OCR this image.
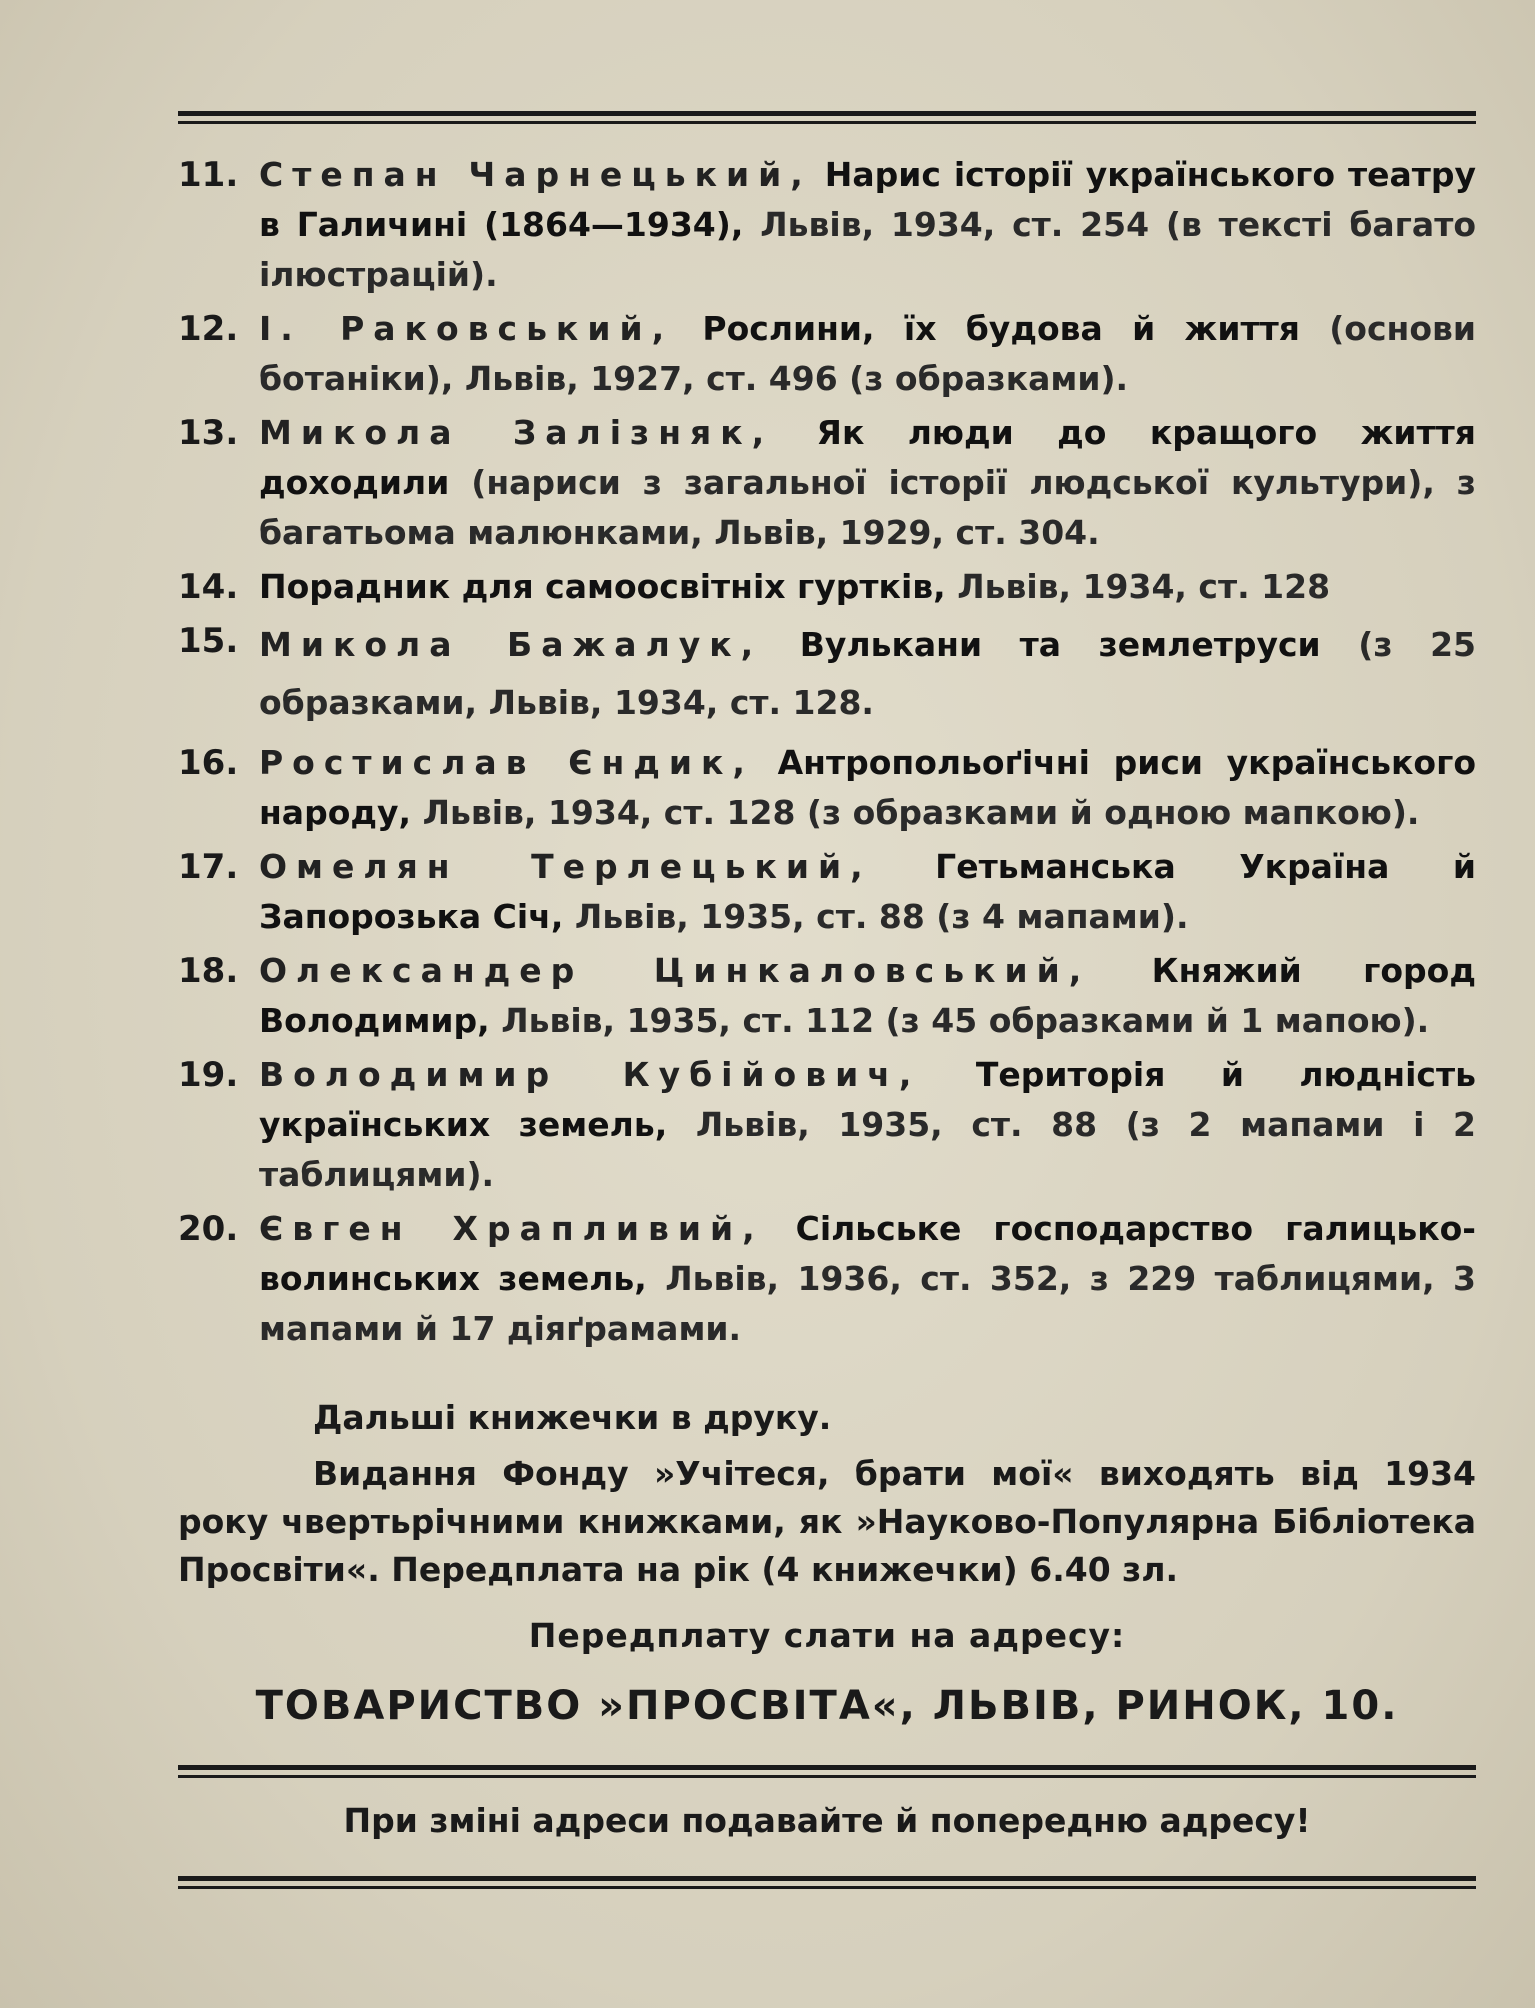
11. Степан Чарнецький, Нарис історії українського театру в Галичині (1864—1934), Львів, 1934, ст. 254 (в тексті багато ілюстрацій).
12. І. Раковський, Рослини, їх будова й життя (основи ботаніки), Львів, 1927, ст. 496 (з образками).
13. Микола Залізняк, Як люди до кращого життя доходили (нариси з загальної історії людської культури), з багатьома малюнками, Львів, 1929, ст. 304.
14. Порадник для самоосвітніх гуртків, Львів, 1934, ст. 128
15. Микола Бажалук, Вулькани та землетруси (з 25 образками, Львів, 1934, ст. 128.
16. Ростислав Єндик, Антропольоґічні риси українського народу, Львів, 1934, ст. 128 (з образками й одною мапкою).
17. Омелян Терлецький, Гетьманська Україна й Запорозька Січ, Львів, 1935, ст. 88 (з 4 мапами).
18. Олександер Цинкаловський, Княжий город Володимир, Львів, 1935, ст. 112 (з 45 образками й 1 мапою).
19. Володимир Кубійович, Територія й людність українських земель, Львів, 1935, ст. 88 (з 2 мапами і 2 таблицями).
20. Євген Храпливий, Сільське господарство галицько-волинських земель, Львів, 1936, ст. 352, з 229 таблицями, 3 мапами й 17 діяґрамами.
Дальші книжечки в друку.
Видання Фонду »Учітеся, брати мої« виходять від 1934 року чвертьрічними книжками, як »Науково-Популярна Бібліотека Просвіти«. Передплата на рік (4 книжечки) 6.40 зл.
Передплату слати на адресу:
ТОВАРИСТВО »ПРОСВІТА«, ЛЬВІВ, РИНОК, 10.
При зміні адреси подавайте й попередню адресу!
